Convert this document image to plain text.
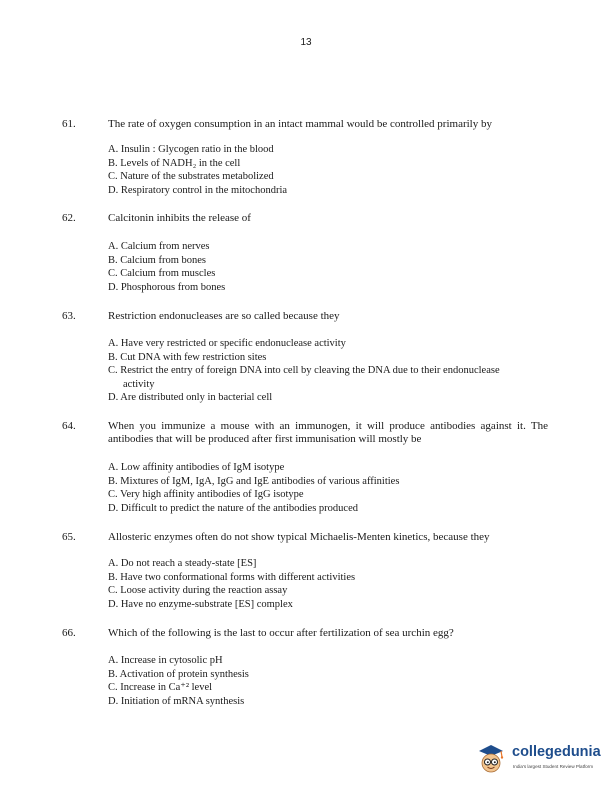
13
61.	The rate of oxygen consumption in an intact mammal would be controlled primarily by
A. Insulin : Glycogen ratio in the blood
B. Levels of NADH₂ in the cell
C. Nature of the substrates metabolized
D. Respiratory control in the mitochondria
62.	Calcitonin inhibits the release of
A. Calcium from nerves
B. Calcium from bones
C. Calcium from muscles
D. Phosphorous from bones
63.	Restriction endonucleases are so called because they
A. Have very restricted or specific endonuclease activity
B. Cut DNA with few restriction sites
C. Restrict the entry of foreign DNA into cell by cleaving the DNA due to their endonuclease activity
D. Are distributed only in bacterial cell
64.	When you immunize a mouse with an immunogen, it will produce antibodies against it. The antibodies that will be produced after first immunisation will mostly be
A. Low affinity antibodies of IgM isotype
B. Mixtures of IgM, IgA, IgG and IgE antibodies of various affinities
C. Very high affinity antibodies of IgG isotype
D. Difficult to predict the nature of the antibodies produced
65.	Allosteric enzymes often do not show typical Michaelis-Menten kinetics, because they
A. Do not reach a steady-state [ES]
B. Have two conformational forms with different activities
C. Loose activity during the reaction assay
D. Have no enzyme-substrate [ES] complex
66.	Which of the following is the last to occur after fertilization of sea urchin egg?
A. Increase in cytosolic pH
B. Activation of protein synthesis
C. Increase in Ca⁺² level
D. Initiation of mRNA synthesis
collegedunia
India's largest Student Review Platform
